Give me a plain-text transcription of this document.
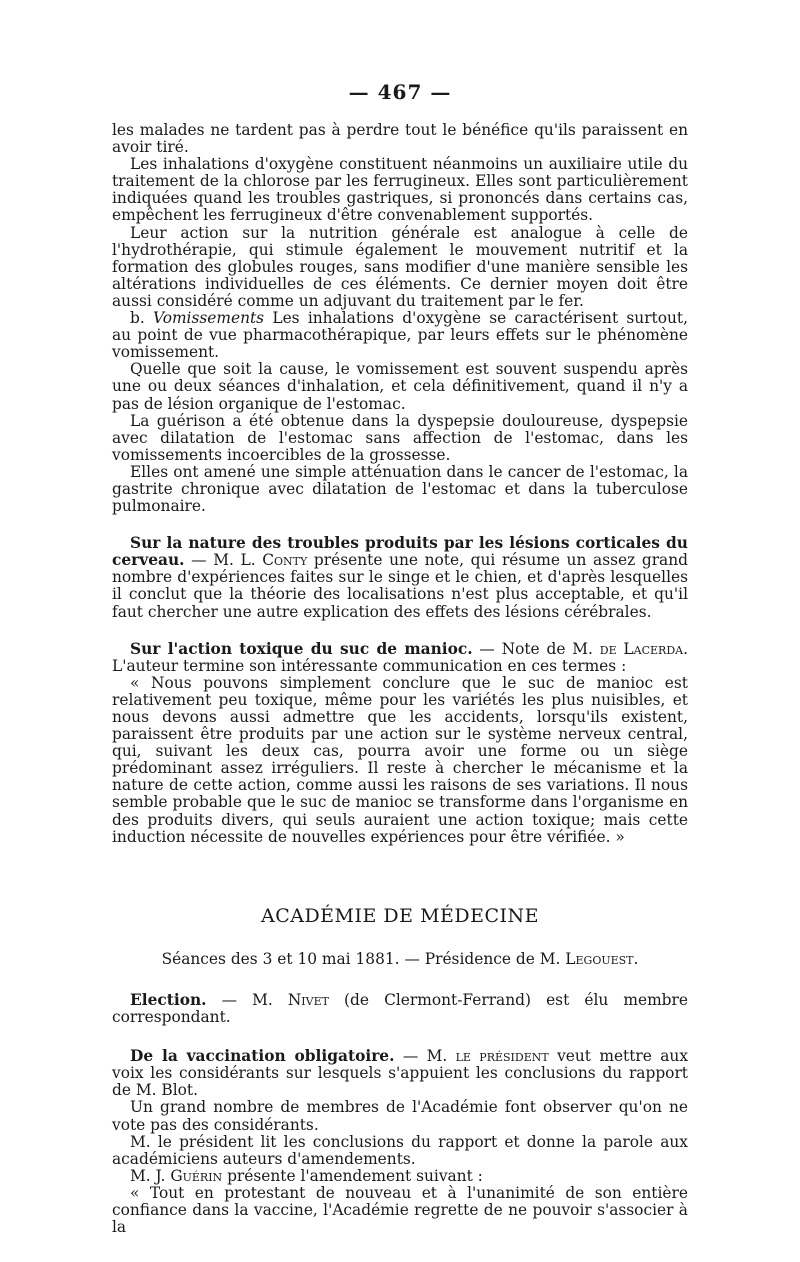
— 467 —

les malades ne tardent pas à perdre tout le bénéfice qu'ils paraissent en avoir tiré.

Les inhalations d'oxygène constituent néanmoins un auxiliaire utile du traitement de la chlorose par les ferrugineux. Elles sont particulièrement indiquées quand les troubles gastriques, si prononcés dans certains cas, empêchent les ferrugineux d'être convenablement supportés.

Leur action sur la nutrition générale est analogue à celle de l'hydrothérapie, qui stimule également le mouvement nutritif et la formation des globules rouges, sans modifier d'une manière sensible les altérations individuelles de ces éléments. Ce dernier moyen doit être aussi considéré comme un adjuvant du traitement par le fer.

b. Vomissements Les inhalations d'oxygène se caractérisent surtout, au point de vue pharmacothérapique, par leurs effets sur le phénomène vomissement.

Quelle que soit la cause, le vomissement est souvent suspendu après une ou deux séances d'inhalation, et cela définitivement, quand il n'y a pas de lésion organique de l'estomac.

La guérison a été obtenue dans la dyspepsie douloureuse, dyspepsie avec dilatation de l'estomac sans affection de l'estomac, dans les vomissements incoercibles de la grossesse.

Elles ont amené une simple atténuation dans le cancer de l'estomac, la gastrite chronique avec dilatation de l'estomac et dans la tuberculose pulmonaire.

Sur la nature des troubles produits par les lésions corticales du cerveau. — M. L. Conty présente une note, qui résume un assez grand nombre d'expériences faites sur le singe et le chien, et d'après lesquelles il conclut que la théorie des localisations n'est plus acceptable, et qu'il faut chercher une autre explication des effets des lésions cérébrales.

Sur l'action toxique du suc de manioc. — Note de M. de Lacerda. L'auteur termine son intéressante communication en ces termes :

« Nous pouvons simplement conclure que le suc de manioc est relativement peu toxique, même pour les variétés les plus nuisibles, et nous devons aussi admettre que les accidents, lorsqu'ils existent, paraissent être produits par une action sur le système nerveux central, qui, suivant les deux cas, pourra avoir une forme ou un siège prédominant assez irréguliers. Il reste à chercher le mécanisme et la nature de cette action, comme aussi les raisons de ses variations. Il nous semble probable que le suc de manioc se transforme dans l'organisme en des produits divers, qui seuls auraient une action toxique; mais cette induction nécessite de nouvelles expériences pour être vérifiée. »

ACADÉMIE DE MÉDECINE

Séances des 3 et 10 mai 1881. — Présidence de M. Legouest.

Election. — M. Nivet (de Clermont-Ferrand) est élu membre correspondant.

De la vaccination obligatoire. — M. le président veut mettre aux voix les considérants sur lesquels s'appuient les conclusions du rapport de M. Blot.

Un grand nombre de membres de l'Académie font observer qu'on ne vote pas des considérants.

M. le président lit les conclusions du rapport et donne la parole aux académiciens auteurs d'amendements.

M. J. Guérin présente l'amendement suivant :

« Tout en protestant de nouveau et à l'unanimité de son entière confiance dans la vaccine, l'Académie regrette de ne pouvoir s'associer à la
